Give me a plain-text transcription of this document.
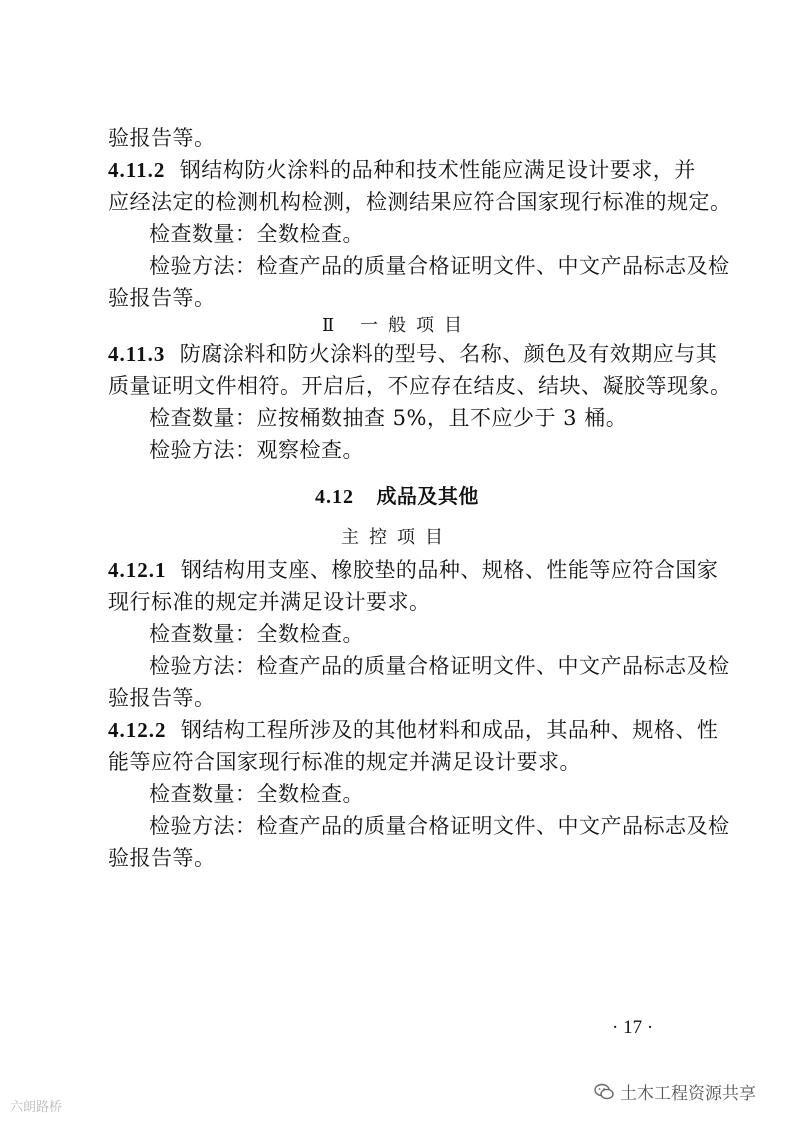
验报告等。
4.11.2 钢结构防火涂料的品种和技术性能应满足设计要求，并
应经法定的检测机构检测，检测结果应符合国家现行标准的规定。
检查数量：全数检查。
检验方法：检查产品的质量合格证明文件、中文产品标志及检
验报告等。
Ⅱ 一般项目
4.11.3 防腐涂料和防火涂料的型号、名称、颜色及有效期应与其
质量证明文件相符。开启后，不应存在结皮、结块、凝胶等现象。
检查数量：应按桶数抽查 5%，且不应少于 3 桶。
检验方法：观察检查。
4.12 成品及其他
主控项目
4.12.1 钢结构用支座、橡胶垫的品种、规格、性能等应符合国家
现行标准的规定并满足设计要求。
检查数量：全数检查。
检验方法：检查产品的质量合格证明文件、中文产品标志及检
验报告等。
4.12.2 钢结构工程所涉及的其他材料和成品，其品种、规格、性
能等应符合国家现行标准的规定并满足设计要求。
检查数量：全数检查。
检验方法：检查产品的质量合格证明文件、中文产品标志及检
验报告等。
· 17 ·
六朗路桥
土木工程资源共享
